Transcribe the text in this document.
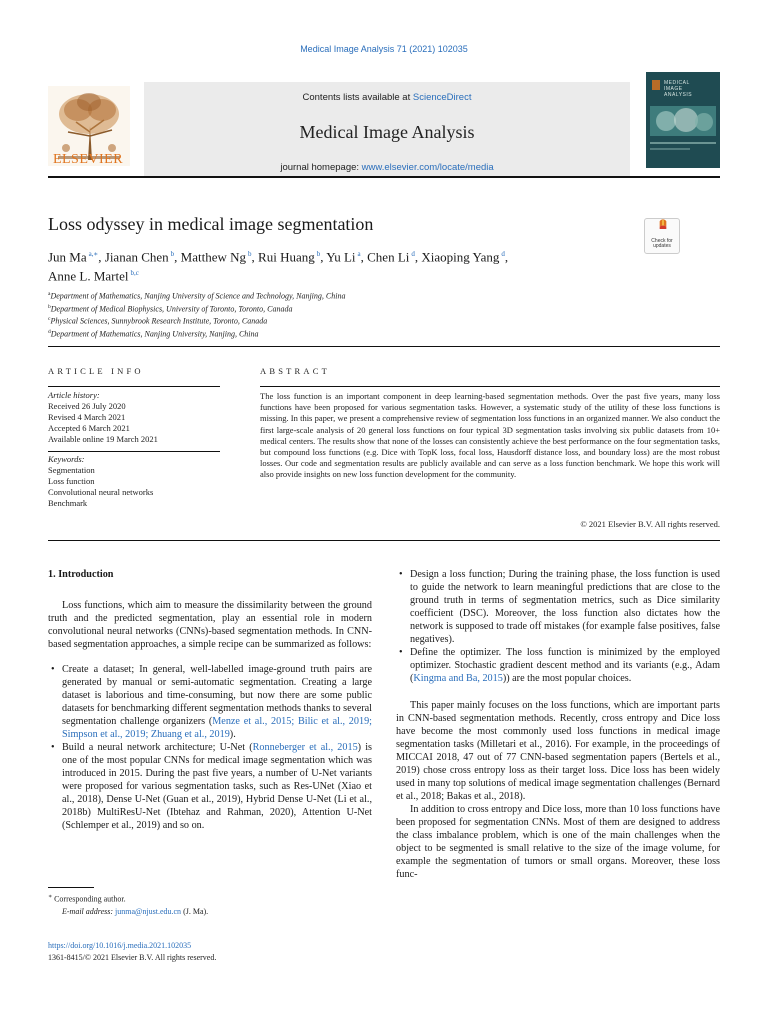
Medical Image Analysis 71 (2021) 102035
ELSEVIER
Contents lists available at ScienceDirect
Medical Image Analysis
journal homepage: www.elsevier.com/locate/media
MEDICAL IMAGE ANALYSIS
Loss odyssey in medical image segmentation
Jun Ma $^{a,∗}$, Jianan Chen $^b$, Matthew Ng $^b$, Rui Huang $^b$, Yu Li $^a$, Chen Li $^d$, Xiaoping Yang $^d$,
Anne L. Martel $^{b,c}$
Check for updates
$^a$Department of Mathematics, Nanjing University of Science and Technology, Nanjing, China
$^b$Department of Medical Biophysics, University of Toronto, Toronto, Canada
$^c$Physical Sciences, Sunnybrook Research Institute, Toronto, Canada
$^d$Department of Mathematics, Nanjing University, Nanjing, China
ARTICLE INFO
Article history:
Received 26 July 2020
Revised 4 March 2021
Accepted 6 March 2021
Available online 19 March 2021
Keywords:
Segmentation
Loss function
Convolutional neural networks
Benchmark
ABSTRACT
The loss function is an important component in deep learning-based segmentation methods. Over the past five years, many loss functions have been proposed for various segmentation tasks. However, a systematic study of the utility of these loss functions is missing. In this paper, we present a comprehensive review of segmentation loss functions in an organized manner. We also conduct the first large-scale analysis of 20 general loss functions on four typical 3D segmentation tasks involving six public datasets from 10+ medical centers. The results show that none of the losses can consistently achieve the best performance on the four segmentation tasks, but compound loss functions (e.g. Dice with TopK loss, focal loss, Hausdorff distance loss, and boundary loss) are the most robust losses. Our code and segmentation results are publicly available and can serve as a loss function benchmark. We hope this work will also provide insights on new loss function development for the community.
© 2021 Elsevier B.V. All rights reserved.
1. Introduction

Loss functions, which aim to measure the dissimilarity between the ground truth and the predicted segmentation, play an essential role in modern convolutional neural networks (CNNs)-based segmentation methods. In CNN-based segmentation approaches, a simple recipe can be summarized as follows:

• Create a dataset; In general, well-labelled image-ground truth pairs are generated by manual or semi-automatic segmentation. Creating a large dataset is laborious and time-consuming, but now there are some public datasets for benchmarking different segmentation methods thanks to several segmentation challenge organizers (Menze et al., 2015; Bilic et al., 2019; Simpson et al., 2019; Zhuang et al., 2019).
• Build a neural network architecture; U-Net (Ronneberger et al., 2015) is one of the most popular CNNs for medical image segmentation which was introduced in 2015. During the past five years, a number of U-Net variants were proposed for various segmentation tasks, such as Res-UNet (Xiao et al., 2018), Dense U-Net (Guan et al., 2019), Hybrid Dense U-Net (Li et al., 2018b) MultiResU-Net (Ibtehaz and Rahman, 2020), Attention U-Net (Schlemper et al., 2019) and so on.
• Design a loss function; During the training phase, the loss function is used to guide the network to learn meaningful predictions that are close to the ground truth in terms of segmentation metrics, such as Dice similarity coefficient (DSC). Moreover, the loss function also dictates how the network is supposed to trade off mistakes (for example false positives, false negatives).
• Define the optimizer. The loss function is minimized by the employed optimizer. Stochastic gradient descent method and its variants (e.g., Adam (Kingma and Ba, 2015)) are the most popular choices.

This paper mainly focuses on the loss functions, which are important parts in CNN-based segmentation methods. Recently, cross entropy and Dice loss have become the most commonly used loss functions in medical image segmentation tasks (Milletari et al., 2016). For example, in the proceedings of MICCAI 2018, 47 out of 77 CNN-based segmentation papers (Bertels et al., 2019) chose cross entropy loss as their target loss. Dice loss has been widely used in many top solutions of medical image segmentation challenges (Bernard et al., 2018; Bakas et al., 2018).

In addition to cross entropy and Dice loss, more than 10 loss functions have been proposed for segmentation CNNs. Most of them are designed to address the class imbalance problem, which is one of the main challenges when the object to be segmented is small relative to the size of the image volume, for example the segmentation of tumors or small organs. Moreover, these loss func-

∗ Corresponding author.
E-mail address: junma@njust.edu.cn (J. Ma).
https://doi.org/10.1016/j.media.2021.102035
1361-8415/© 2021 Elsevier B.V. All rights reserved.
